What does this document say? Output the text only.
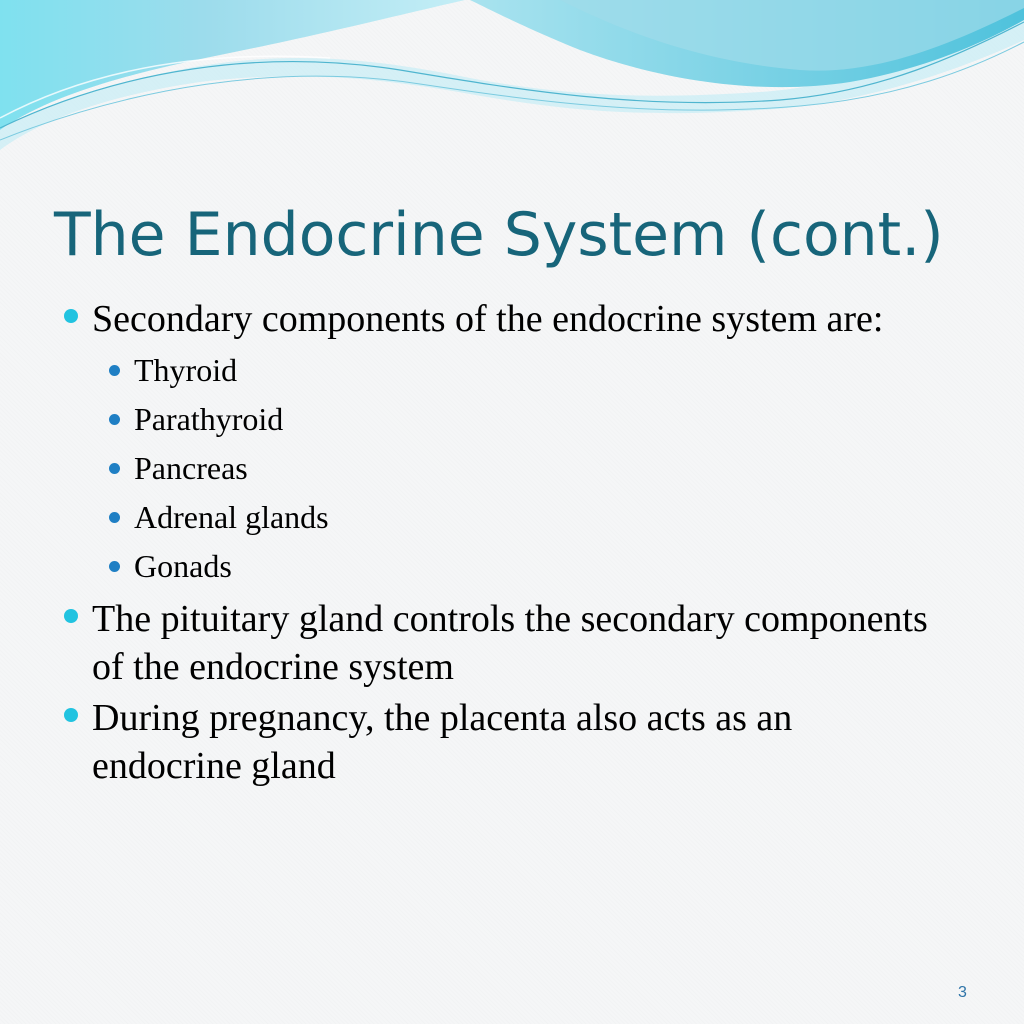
The Endocrine System (cont.)
Secondary components of the endocrine system are:
Thyroid
Parathyroid
Pancreas
Adrenal glands
Gonads
The pituitary gland controls the secondary components of the endocrine system
During pregnancy, the placenta also acts as an endocrine gland
3
